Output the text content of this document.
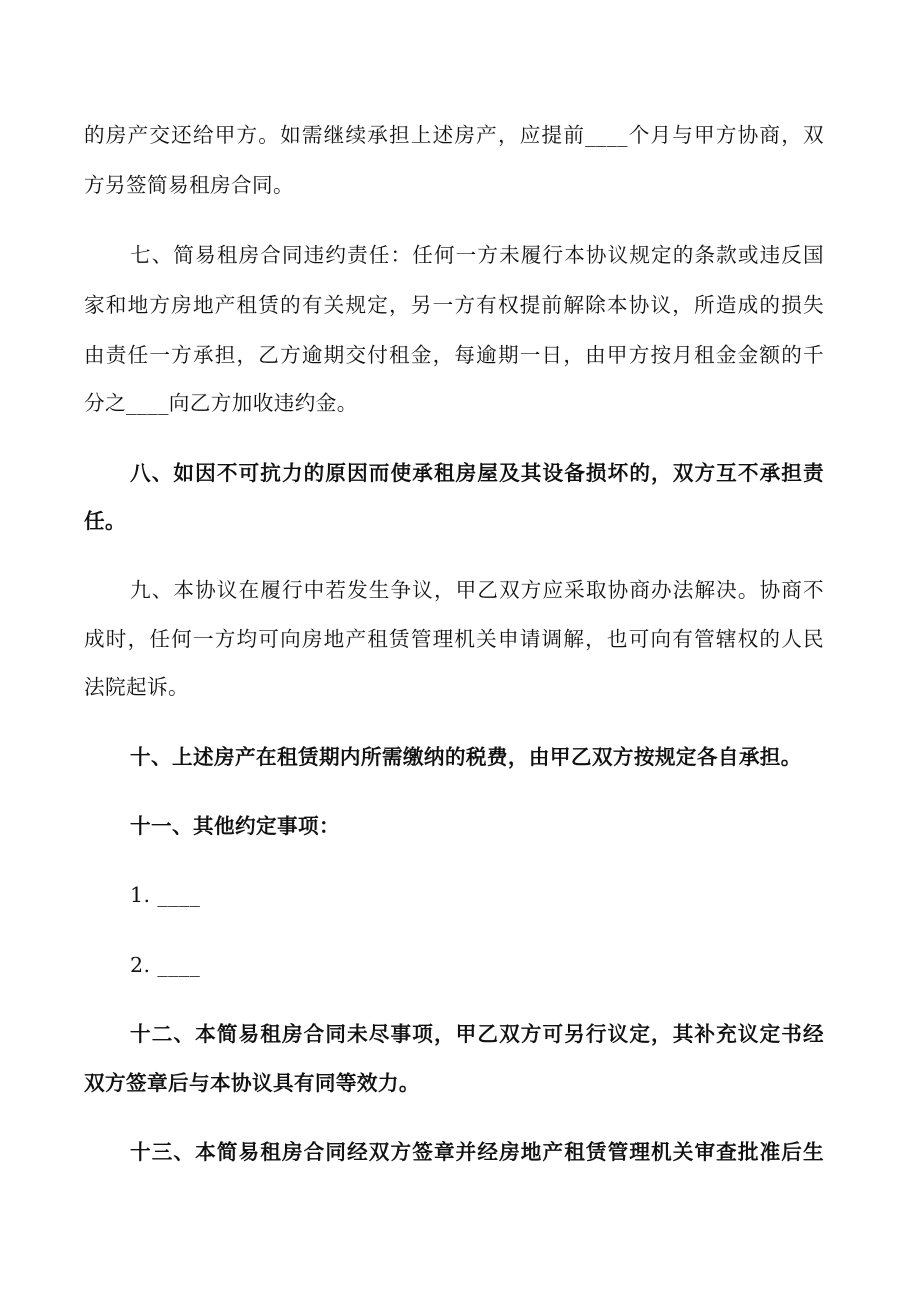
的房产交还给甲方。如需继续承担上述房产，应提前____个月与甲方协商，双
方另签简易租房合同。
七、简易租房合同违约责任：任何一方未履行本协议规定的条款或违反国
家和地方房地产租赁的有关规定，另一方有权提前解除本协议，所造成的损失
由责任一方承担，乙方逾期交付租金，每逾期一日，由甲方按月租金金额的千
分之____向乙方加收违约金。
八、如因不可抗力的原因而使承租房屋及其设备损坏的，双方互不承担责
任。
九、本协议在履行中若发生争议，甲乙双方应采取协商办法解决。协商不
成时，任何一方均可向房地产租赁管理机关申请调解，也可向有管辖权的人民
法院起诉。
十、上述房产在租赁期内所需缴纳的税费，由甲乙双方按规定各自承担。
十一、其他约定事项：
1. ____
2. ____
十二、本简易租房合同未尽事项，甲乙双方可另行议定，其补充议定书经
双方签章后与本协议具有同等效力。
十三、本简易租房合同经双方签章并经房地产租赁管理机关审查批准后生
